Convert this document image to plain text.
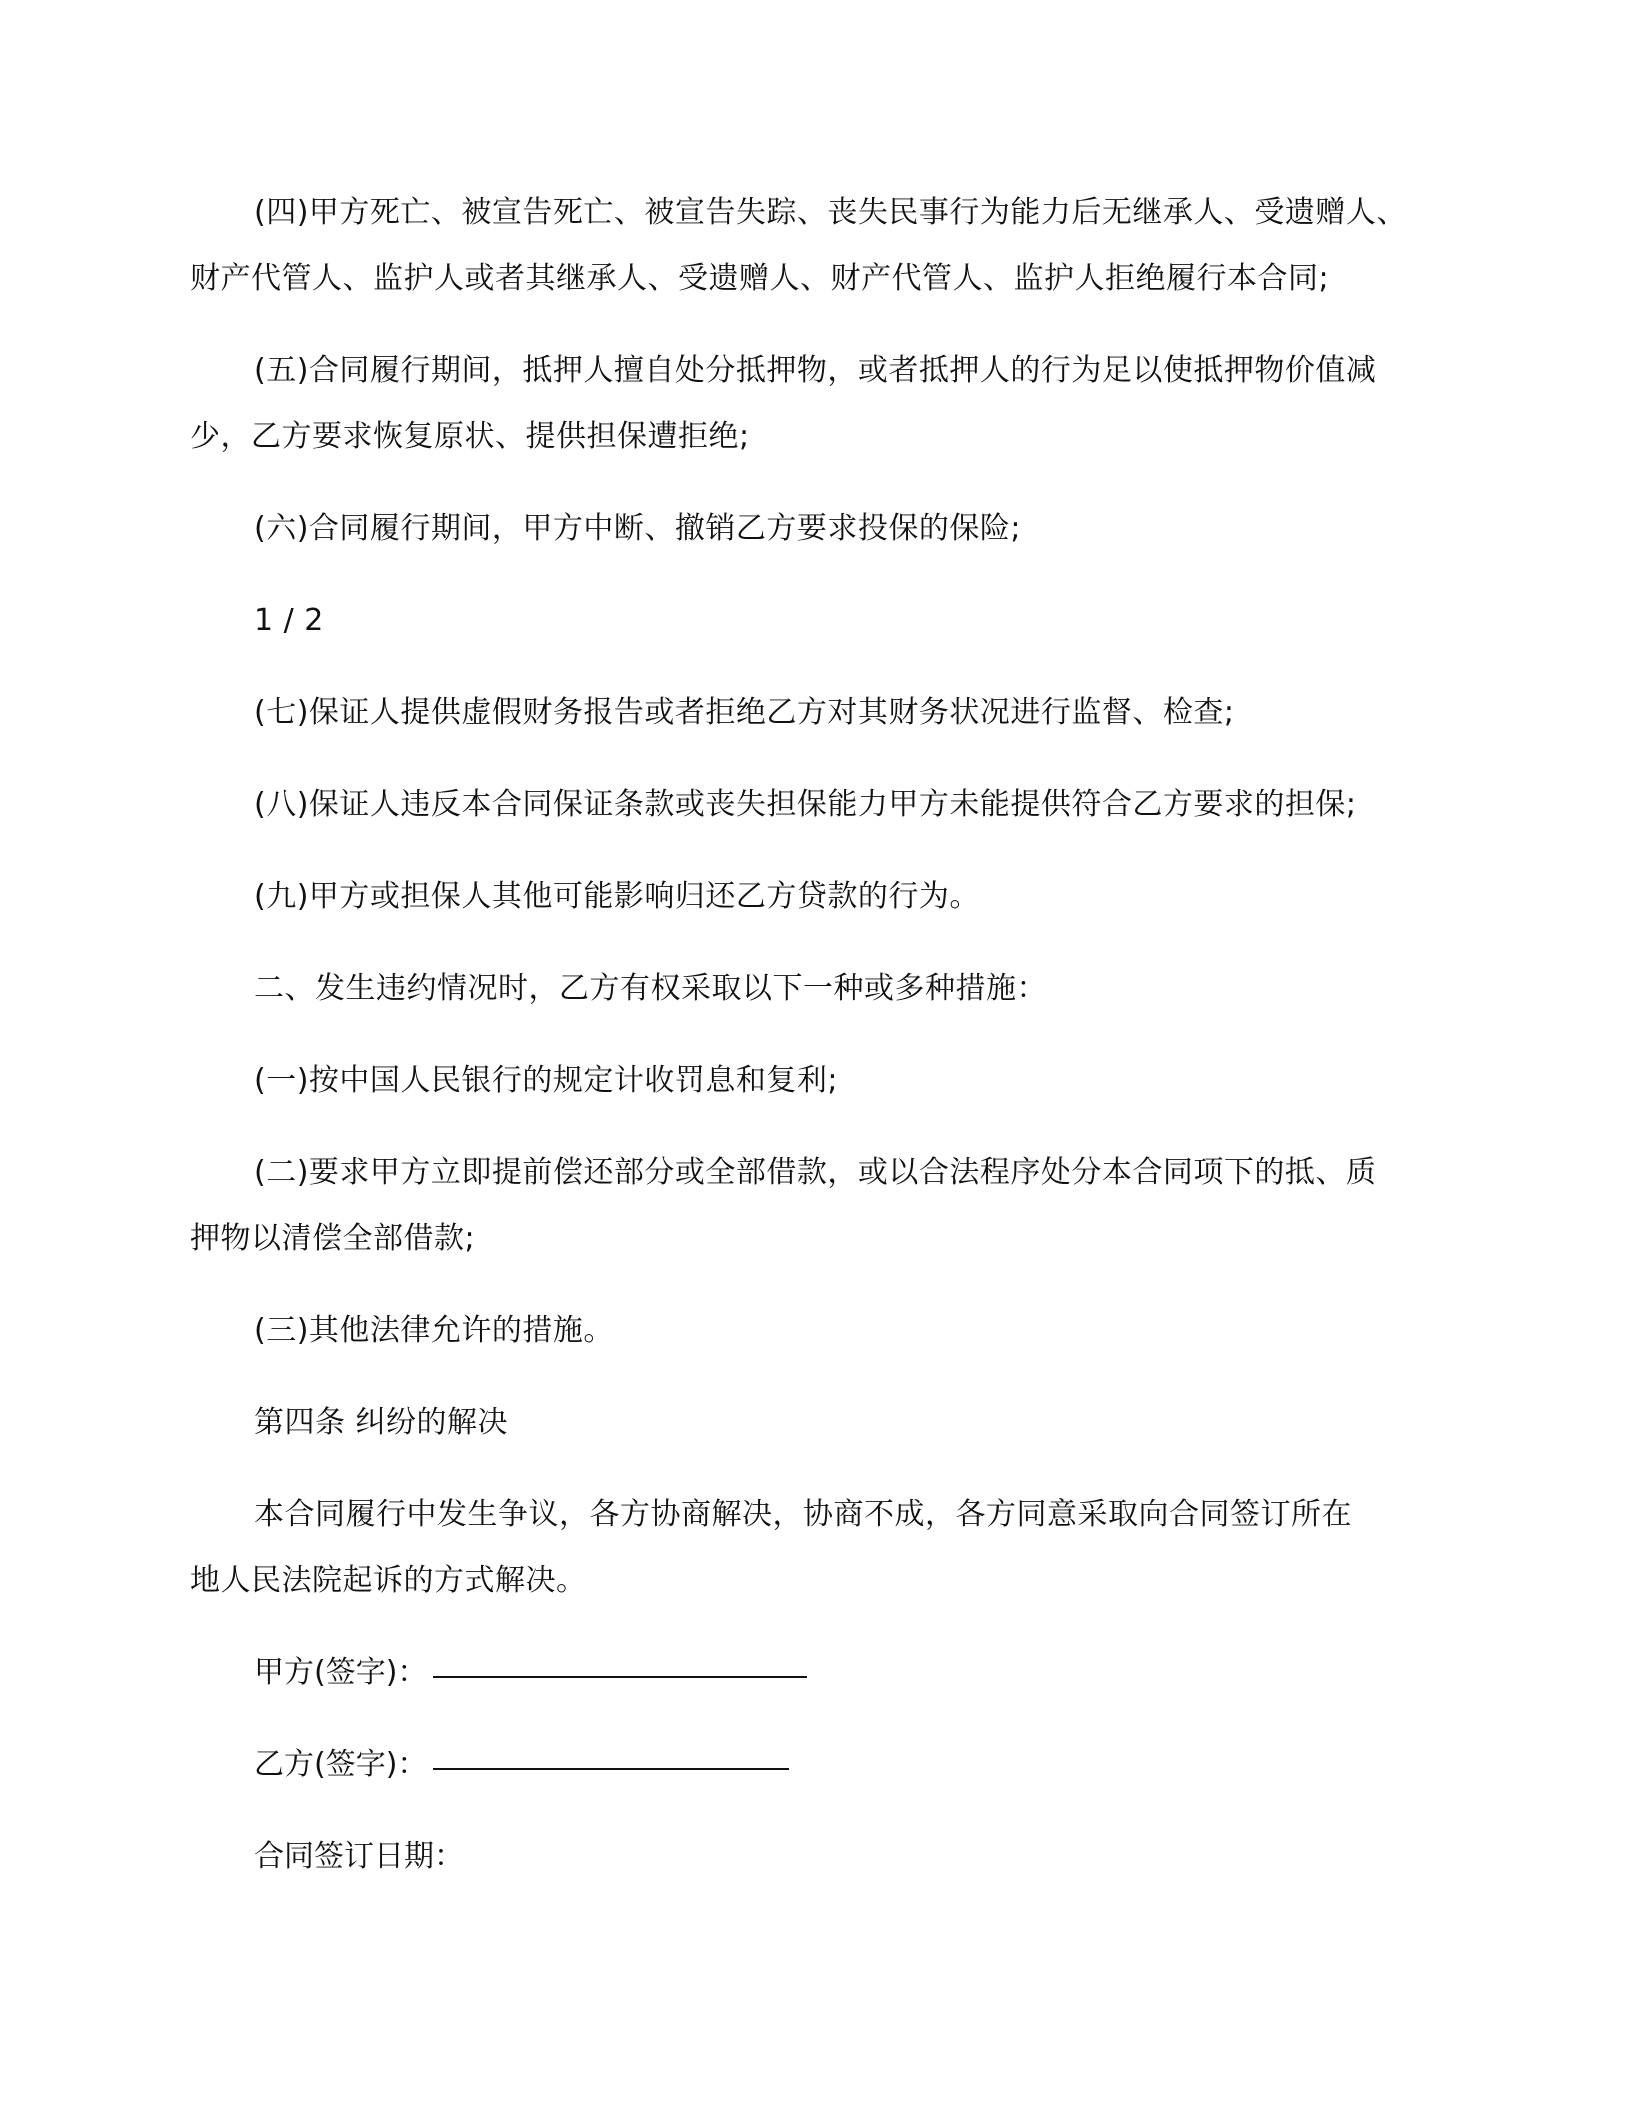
(四)甲方死亡、被宣告死亡、被宣告失踪、丧失民事行为能力后无继承人、受遗赠人、
财产代管人、监护人或者其继承人、受遗赠人、财产代管人、监护人拒绝履行本合同;
(五)合同履行期间，抵押人擅自处分抵押物，或者抵押人的行为足以使抵押物价值减
少，乙方要求恢复原状、提供担保遭拒绝;
(六)合同履行期间，甲方中断、撤销乙方要求投保的保险;
1 / 2
(七)保证人提供虚假财务报告或者拒绝乙方对其财务状况进行监督、检查;
(八)保证人违反本合同保证条款或丧失担保能力甲方未能提供符合乙方要求的担保;
(九)甲方或担保人其他可能影响归还乙方贷款的行为。
二、发生违约情况时，乙方有权采取以下一种或多种措施：
(一)按中国人民银行的规定计收罚息和复利;
(二)要求甲方立即提前偿还部分或全部借款，或以合法程序处分本合同项下的抵、质
押物以清偿全部借款;
(三)其他法律允许的措施。
第四条 纠纷的解决
本合同履行中发生争议，各方协商解决，协商不成，各方同意采取向合同签订所在
地人民法院起诉的方式解决。
甲方(签字)：
乙方(签字)：
合同签订日期：
